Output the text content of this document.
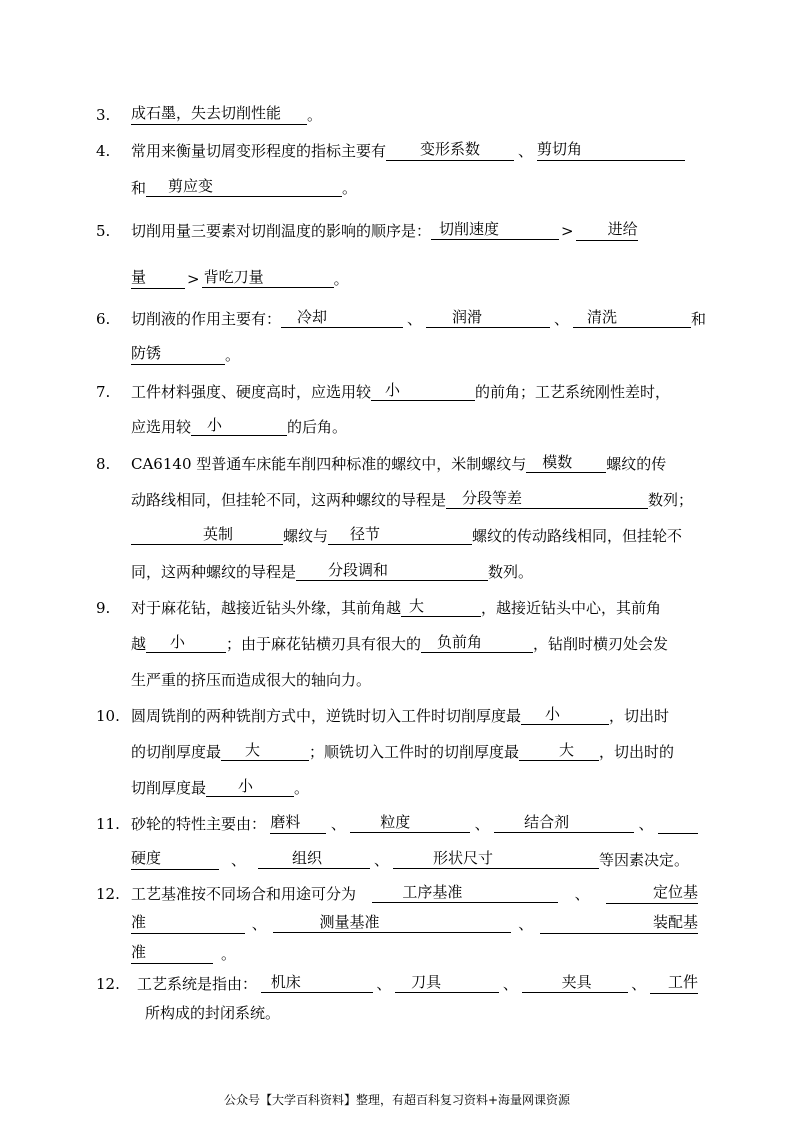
3. 成石墨，失去切削性能 。
4. 常用来衡量切屑变形程度的指标主要有 变形系数	、 剪切角
和 剪应变	。
5. 切削用量三要素对切削温度的影响的顺序是： 切削速度	> 进给
量	> 背吃刀量	。
6. 切削液的作用主要有： 冷却	、 润滑	、 清洗	和
防锈	。
7. 工件材料强度、硬度高时，应选用较 小	的前角；工艺系统刚性差时，
应选用较 小	的后角。
8. CA6140 型普通车床能车削四种标准的螺纹中，米制螺纹与 模数 螺纹的传
动路线相同，但挂轮不同，这两种螺纹的导程是 分段等差	数列；
英制	螺纹与 径节	螺纹的传动路线相同，但挂轮不
同，这两种螺纹的导程是 分段调和	数列。
9. 对于麻花钻，越接近钻头外缘，其前角越 大	，越接近钻头中心，其前角
越 小	；由于麻花钻横刃具有很大的 负前角	，钻削时横刃处会发
生严重的挤压而造成很大的轴向力。
10. 圆周铣削的两种铣削方式中，逆铣时切入工件时切削厚度最 小	，切出时
的切削厚度最 大	；顺铣切入工件时的切削厚度最	大 ，切出时的
切削厚度最 小	。
11. 砂轮的特性主要由： 磨料	、	粒度	、	结合剂	、
硬度	、	组织	、	形状尺寸	等因素决定。
12. 工艺基准按不同场合和用途可分为	工序基准	、	定位基
准	、	测量基准	、	装配基
准	。
12. 工艺系统是指由： 机床	、	刀具	、	夹具	、	工件
所构成的封闭系统。
公众号【大学百科资料】整理，有超百科复习资料+海量网课资源
